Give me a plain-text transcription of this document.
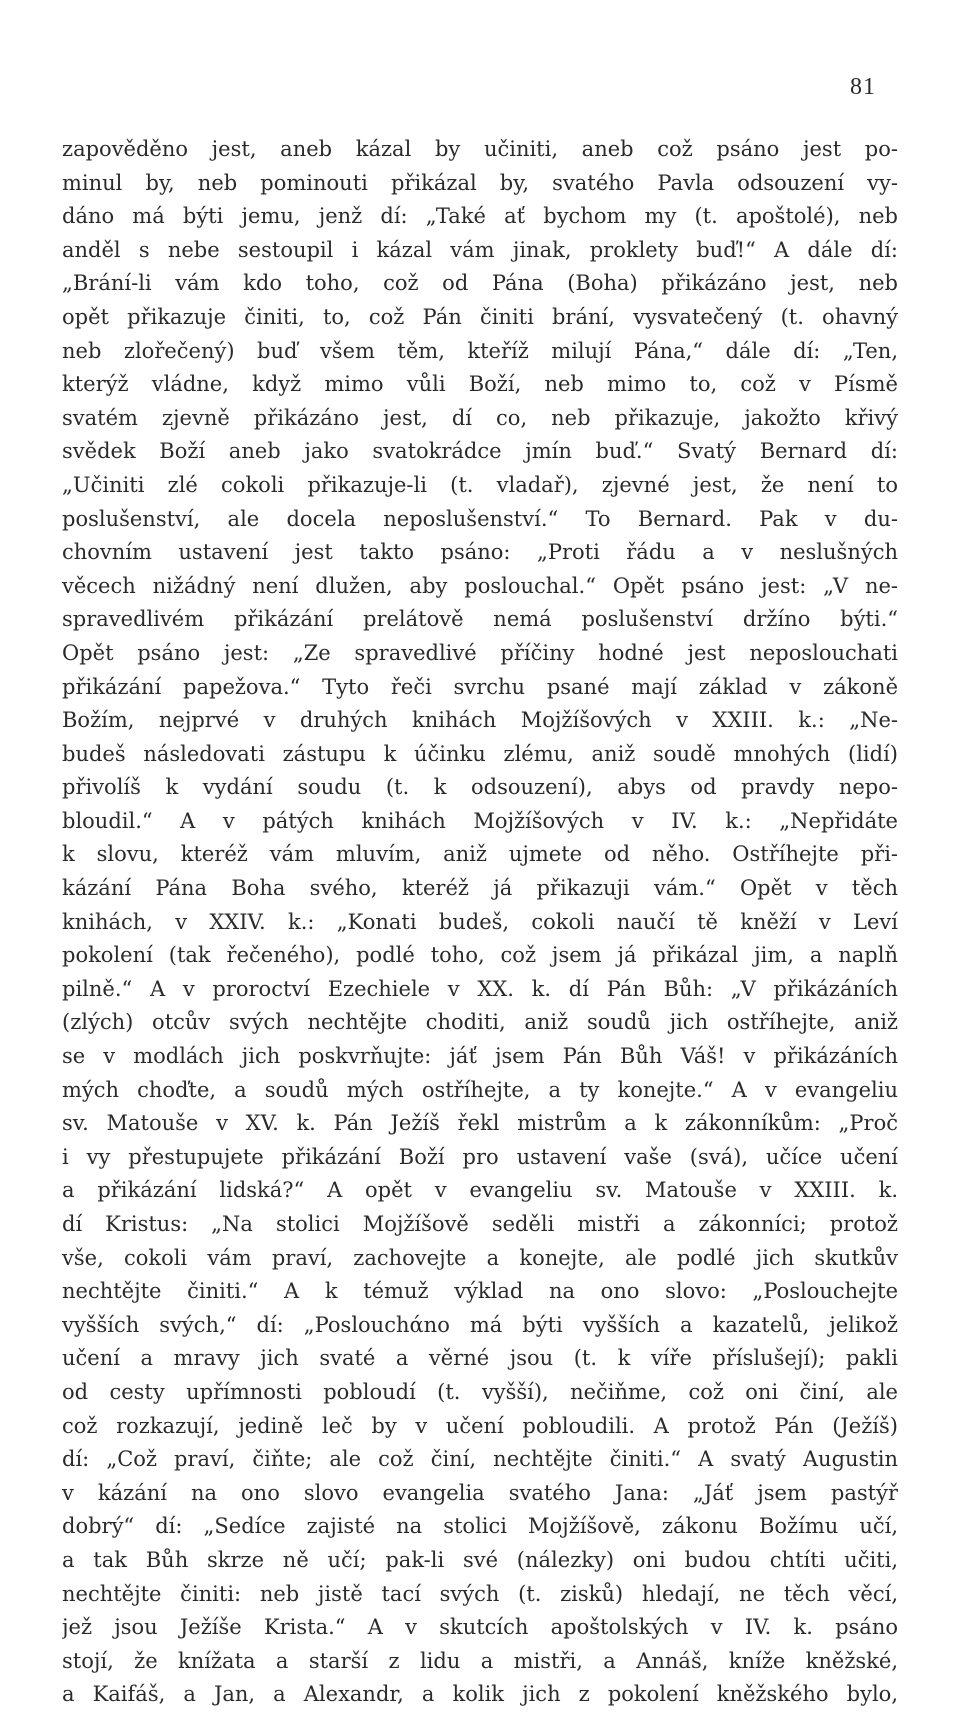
81
zapověděno jest, aneb kázal by učiniti, aneb což psáno jest po-
minul by, neb pominouti přikázal by, svatého Pavla odsouzení vy-
dáno má býti jemu, jenž dí: „Také ať bychom my (t. apoštolé), neb
anděl s nebe sestoupil i kázal vám jinak, proklety buď!“ A dále dí:
„Brání-li vám kdo toho, což od Pána (Boha) přikázáno jest, neb
opět přikazuje činiti, to, což Pán činiti brání, vysvatečený (t. ohavný
neb zlořečený) buď všem těm, kteříž milují Pána,“ dále dí: „Ten,
kterýž vládne, když mimo vůli Boží, neb mimo to, což v Písmě
svatém zjevně přikázáno jest, dí co, neb přikazuje, jakožto křivý
svědek Boží aneb jako svatokrádce jmín buď.“ Svatý Bernard dí:
„Učiniti zlé cokoli přikazuje-li (t. vladař), zjevné jest, že není to
poslušenství, ale docela neposlušenství.“ To Bernard. Pak v du-
chovním ustavení jest takto psáno: „Proti řádu a v neslušných
věcech nižádný není dlužen, aby poslouchal.“ Opět psáno jest: „V ne-
spravedlivém přikázání prelátově nemá poslušenství držíno býti.“
Opět psáno jest: „Ze spravedlivé příčiny hodné jest neposlouchati
přikázání papežova.“ Tyto řeči svrchu psané mají základ v zákoně
Božím, nejprvé v druhých knihách Mojžíšových v XXIII. k.: „Ne-
budeš následovati zástupu k účinku zlému, aniž soudě mnohých (lidí)
přivolíš k vydání soudu (t. k odsouzení), abys od pravdy nepo-
bloudil.“ A v pátých knihách Mojžíšových v IV. k.: „Nepřidáte
k slovu, kteréž vám mluvím, aniž ujmete od něho. Ostříhejte při-
kázání Pána Boha svého, kteréž já přikazuji vám.“ Opět v těch
knihách, v XXIV. k.: „Konati budeš, cokoli naučí tě kněží v Leví
pokolení (tak řečeného), podlé toho, což jsem já přikázal jim, a naplň
pilně.“ A v proroctví Ezechiele v XX. k. dí Pán Bůh: „V přikázáních
(zlých) otcův svých nechtějte choditi, aniž soudů jich ostříhejte, aniž
se v modlách jich poskvrňujte: jáť jsem Pán Bůh Váš! v přikázáních
mých choďte, a soudů mých ostříhejte, a ty konejte.“ A v evangeliu
sv. Matouše v XV. k. Pán Ježíš řekl mistrům a k zákonníkům: „Proč
i vy přestupujete přikázání Boží pro ustavení vaše (svá), učíce učení
a přikázání lidská?“ A opět v evangeliu sv. Matouše v XXIII. k.
dí Kristus: „Na stolici Mojžíšově seděli mistři a zákonníci; protož
vše, cokoli vám praví, zachovejte a konejte, ale podlé jich skutkův
nechtějte činiti.“ A k témuž výklad na ono slovo: „Poslouchejte
vyšších svých,“ dí: „Poslouchάno má býti vyšších a kazatelů, jelikož
učení a mravy jich svaté a věrné jsou (t. k víře příslušejí); pakli
od cesty upřímnosti pobloudí (t. vyšší), nečiňme, což oni činí, ale
což rozkazují, jedině leč by v učení pobloudili. A protož Pán (Ježíš)
dí: „Což praví, čiňte; ale což činí, nechtějte činiti.“ A svatý Augustin
v kázání na ono slovo evangelia svatého Jana: „Jáť jsem pastýř
dobrý“ dí: „Sedíce zajisté na stolici Mojžíšově, zákonu Božímu učí,
a tak Bůh skrze ně učí; pak-li své (nálezky) oni budou chtíti učiti,
nechtějte činiti: neb jistě tací svých (t. zisků) hledají, ne těch věcí,
jež jsou Ježíše Krista.“ A v skutcích apoštolských v IV. k. psáno
stojí, že knížata a starší z lidu a mistři, a Annáš, kníže kněžské,
a Kaifáš, a Jan, a Alexandr, a kolik jich z pokolení kněžského bylo,
